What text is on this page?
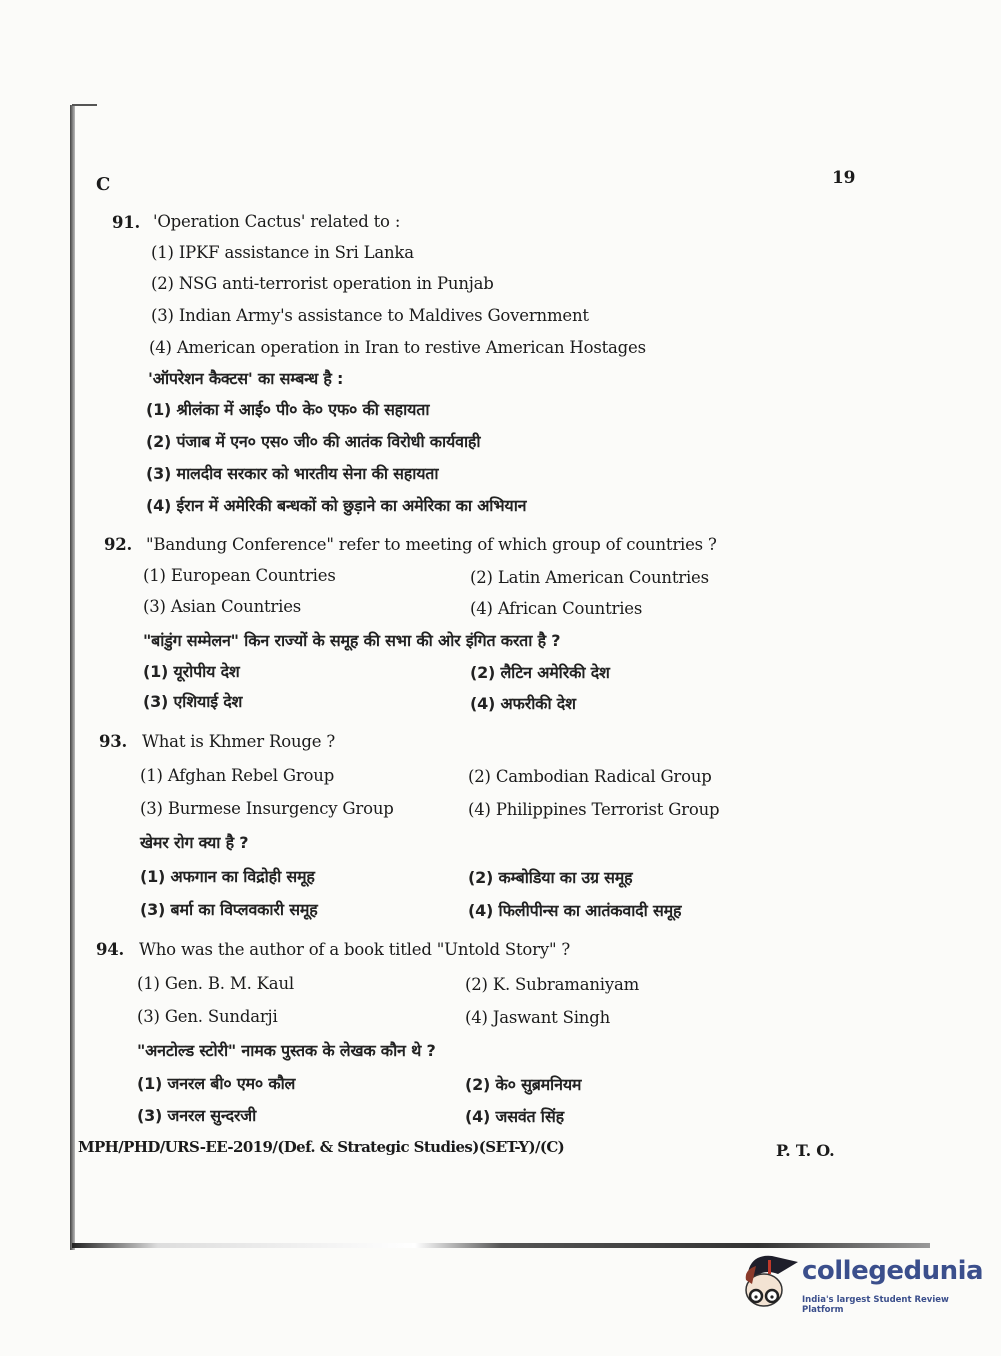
C	19
91. 'Operation Cactus' related to :
(1) IPKF assistance in Sri Lanka
(2) NSG anti-terrorist operation in Punjab
(3) Indian Army's assistance to Maldives Government
(4) American operation in Iran to restive American Hostages
'ऑपरेशन कैक्टस' का सम्बन्ध है :
(1) श्रीलंका में आई० पी० के० एफ० की सहायता
(2) पंजाब में एन० एस० जी० की आतंक विरोधी कार्यवाही
(3) मालदीव सरकार को भारतीय सेना की सहायता
(4) ईरान में अमेरिकी बन्धकों को छुड़ाने का अमेरिका का अभियान
92. "Bandung Conference" refer to meeting of which group of countries ?
(1) European Countries	(2) Latin American Countries
(3) Asian Countries	(4) African Countries
"बांडुंग सम्मेलन" किन राज्यों के समूह की सभा की ओर इंगित करता है ?
(1) यूरोपीय देश	(2) लैटिन अमेरिकी देश
(3) एशियाई देश	(4) अफरीकी देश
93. What is Khmer Rouge ?
(1) Afghan Rebel Group	(2) Cambodian Radical Group
(3) Burmese Insurgency Group	(4) Philippines Terrorist Group
खेमर रोग क्या है ?
(1) अफगान का विद्रोही समूह	(2) कम्बोडिया का उग्र समूह
(3) बर्मा का विप्लवकारी समूह	(4) फिलीपीन्स का आतंकवादी समूह
94. Who was the author of a book titled "Untold Story" ?
(1) Gen. B. M. Kaul	(2) K. Subramaniyam
(3) Gen. Sundarji	(4) Jaswant Singh
"अनटोल्ड स्टोरी" नामक पुस्तक के लेखक कौन थे ?
(1) जनरल बी० एम० कौल	(2) के० सुब्रमनियम
(3) जनरल सुन्दरजी	(4) जसवंत सिंह
MPH/PHD/URS-EE-2019/(Def. & Strategic Studies)(SET-Y)/(C)	P. T. O.
collegedunia
India's largest Student Review Platform
